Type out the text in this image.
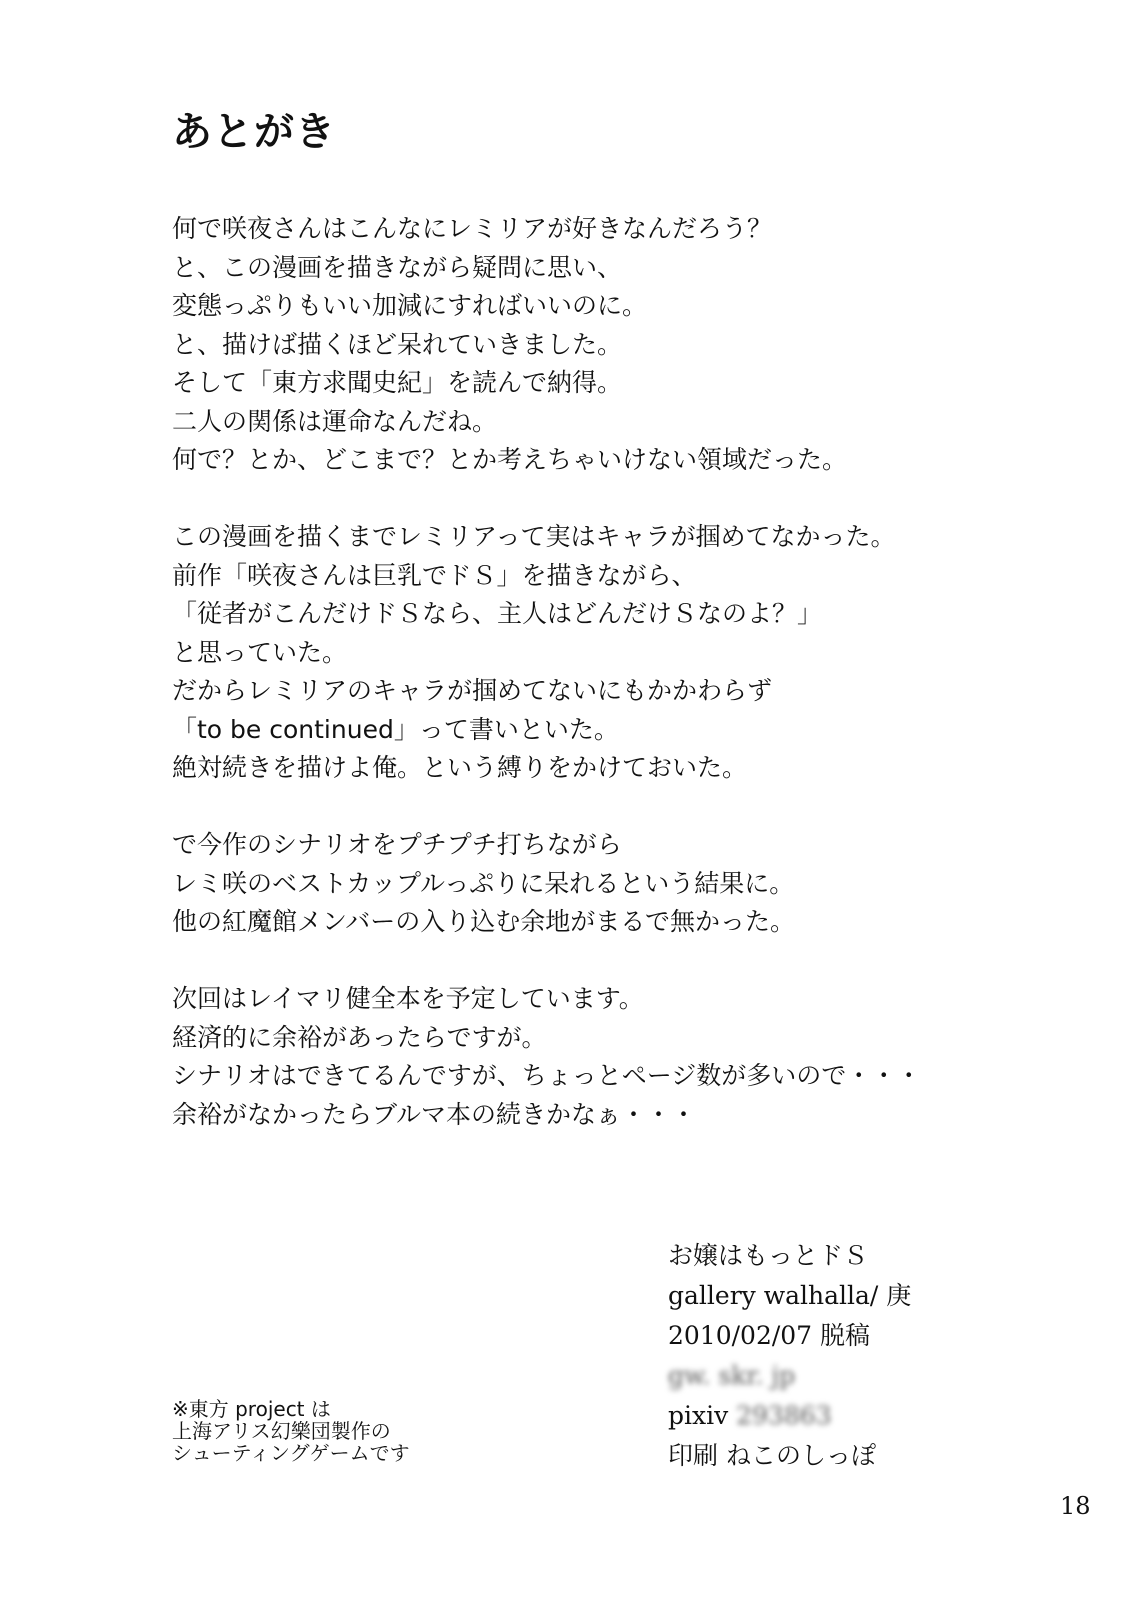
あとがき

何で咲夜さんはこんなにレミリアが好きなんだろう？

と、この漫画を描きながら疑問に思い、

変態っぷりもいい加減にすればいいのに。

と、描けば描くほど呆れていきました。

そして「東方求聞史紀」を読んで納得。

二人の関係は運命なんだね。

何で？とか、どこまで？とか考えちゃいけない領域だった。

この漫画を描くまでレミリアって実はキャラが掴めてなかった。

前作「咲夜さんは巨乳でドＳ」を描きながら、

「従者がこんだけドＳなら、主人はどんだけＳなのよ？」

と思っていた。

だからレミリアのキャラが掴めてないにもかかわらず

「to be continued」って書いといた。

絶対続きを描けよ俺。という縛りをかけておいた。

で今作のシナリオをプチプチ打ちながら

レミ咲のベストカップルっぷりに呆れるという結果に。

他の紅魔館メンバーの入り込む余地がまるで無かった。

次回はレイマリ健全本を予定しています。

経済的に余裕があったらですが。

シナリオはできてるんですが、ちょっとページ数が多いので・・・

余裕がなかったらブルマ本の続きかなぁ・・・

お嬢はもっとドＳ
gallery walhalla/ 庚
2010/02/07 脱稿
gw. skr. jp
pixiv 293863
印刷 ねこのしっぽ
※東方 project は
上海アリス幻樂団製作の
シューティングゲームです
18
